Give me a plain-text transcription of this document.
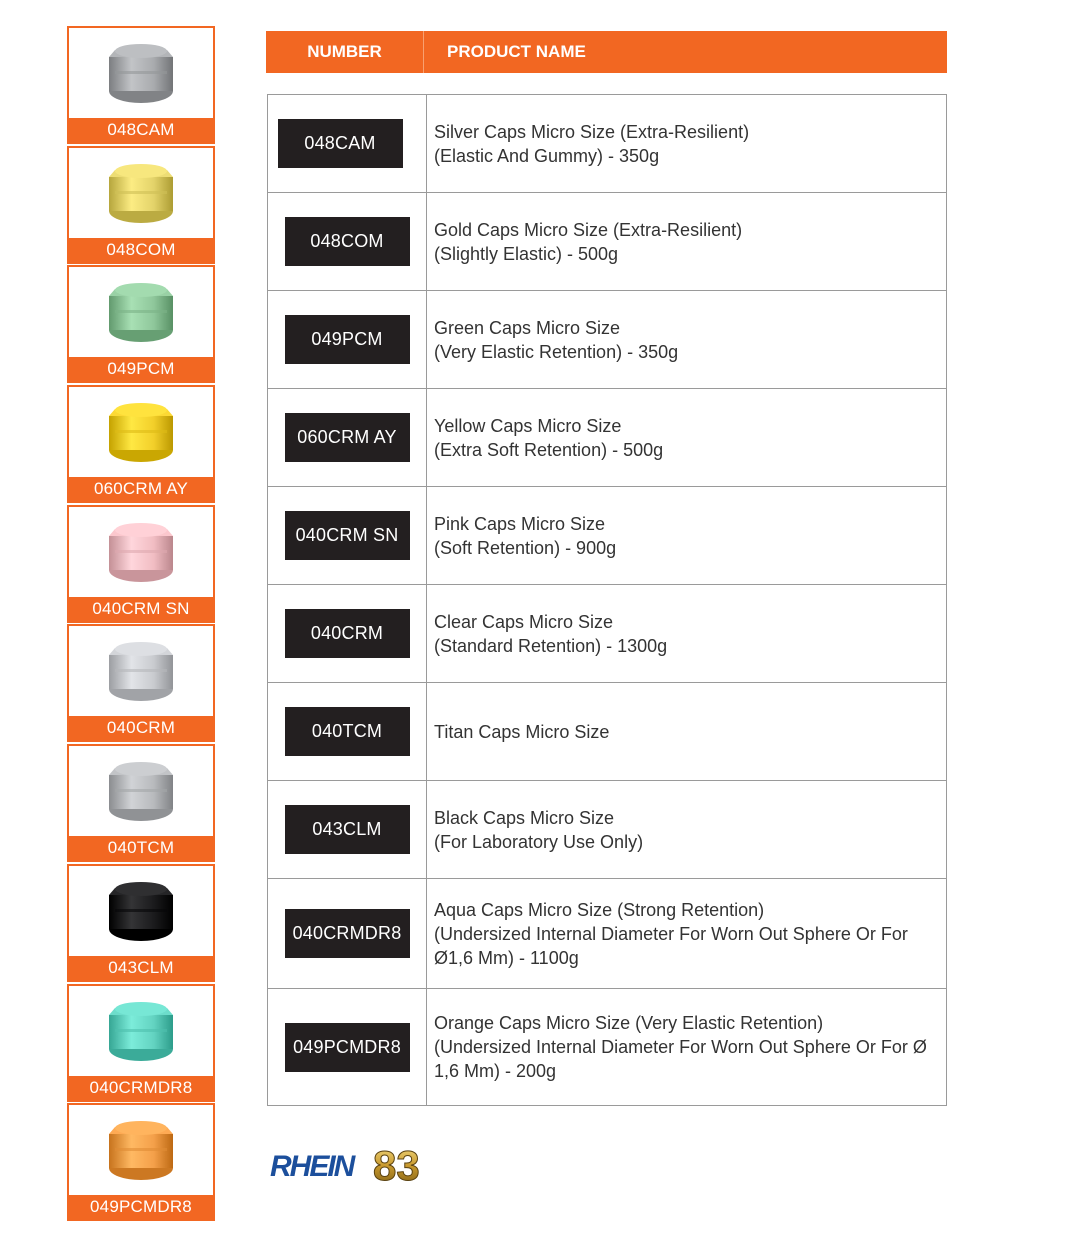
048CAM
048COM
049PCM
060CRM AY
040CRM SN
040CRM
040TCM
043CLM
040CRMDR8
049PCMDR8
NUMBER	PRODUCT NAME
048CAM
Silver Caps Micro Size (Extra-Resilient)
(Elastic And Gummy) - 350g
048COM
Gold Caps Micro Size (Extra-Resilient)
(Slightly Elastic) - 500g
049PCM
Green Caps Micro Size
(Very Elastic Retention) - 350g
060CRM AY
Yellow Caps Micro Size
(Extra Soft Retention) - 500g
040CRM SN
Pink Caps Micro Size
(Soft Retention) - 900g
040CRM
Clear Caps Micro Size
(Standard Retention) - 1300g
040TCM	Titan Caps Micro Size
043CLM
Black Caps Micro Size
(For Laboratory Use Only)
040CRMDR8
Aqua Caps Micro Size (Strong Retention)
(Undersized Internal Diameter For Worn Out Sphere Or For
Ø1,6 Mm) - 1100g
049PCMDR8
Orange Caps Micro Size (Very Elastic Retention)
(Undersized Internal Diameter For Worn Out Sphere Or For Ø
1,6 Mm) - 200g
RHEIN 83
